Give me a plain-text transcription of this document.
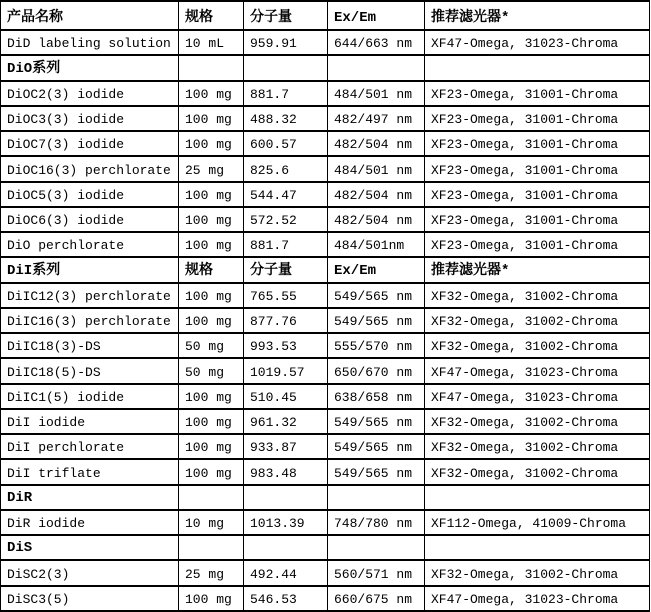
产品名称	规格	分子量	Ex/Em	推荐滤光器*
DiD labeling solution	10 mL	959.91	644/663 nm	XF47-Omega, 31023-Chroma
DiO系列				
DiOC2(3) iodide	100 mg	881.7	484/501 nm	XF23-Omega, 31001-Chroma
DiOC3(3) iodide	100 mg	488.32	482/497 nm	XF23-Omega, 31001-Chroma
DiOC7(3) iodide	100 mg	600.57	482/504 nm	XF23-Omega, 31001-Chroma
DiOC16(3) perchlorate	25 mg	825.6	484/501 nm	XF23-Omega, 31001-Chroma
DiOC5(3) iodide	100 mg	544.47	482/504 nm	XF23-Omega, 31001-Chroma
DiOC6(3) iodide	100 mg	572.52	482/504 nm	XF23-Omega, 31001-Chroma
DiO perchlorate	100 mg	881.7	484/501nm	XF23-Omega, 31001-Chroma
DiI系列	规格	分子量	Ex/Em	推荐滤光器*
DiIC12(3) perchlorate	100 mg	765.55	549/565 nm	XF32-Omega, 31002-Chroma
DiIC16(3) perchlorate	100 mg	877.76	549/565 nm	XF32-Omega, 31002-Chroma
DiIC18(3)-DS	50 mg	993.53	555/570 nm	XF32-Omega, 31002-Chroma
DiIC18(5)-DS	50 mg	1019.57	650/670 nm	XF47-Omega, 31023-Chroma
DiIC1(5) iodide	100 mg	510.45	638/658 nm	XF47-Omega, 31023-Chroma
DiI iodide	100 mg	961.32	549/565 nm	XF32-Omega, 31002-Chroma
DiI perchlorate	100 mg	933.87	549/565 nm	XF32-Omega, 31002-Chroma
DiI triflate	100 mg	983.48	549/565 nm	XF32-Omega, 31002-Chroma
DiR				
DiR iodide	10 mg	1013.39	748/780 nm	XF112-Omega, 41009-Chroma
DiS				
DiSC2(3)	25 mg	492.44	560/571 nm	XF32-Omega, 31002-Chroma
DiSC3(5)	100 mg	546.53	660/675 nm	XF47-Omega, 31023-Chroma
